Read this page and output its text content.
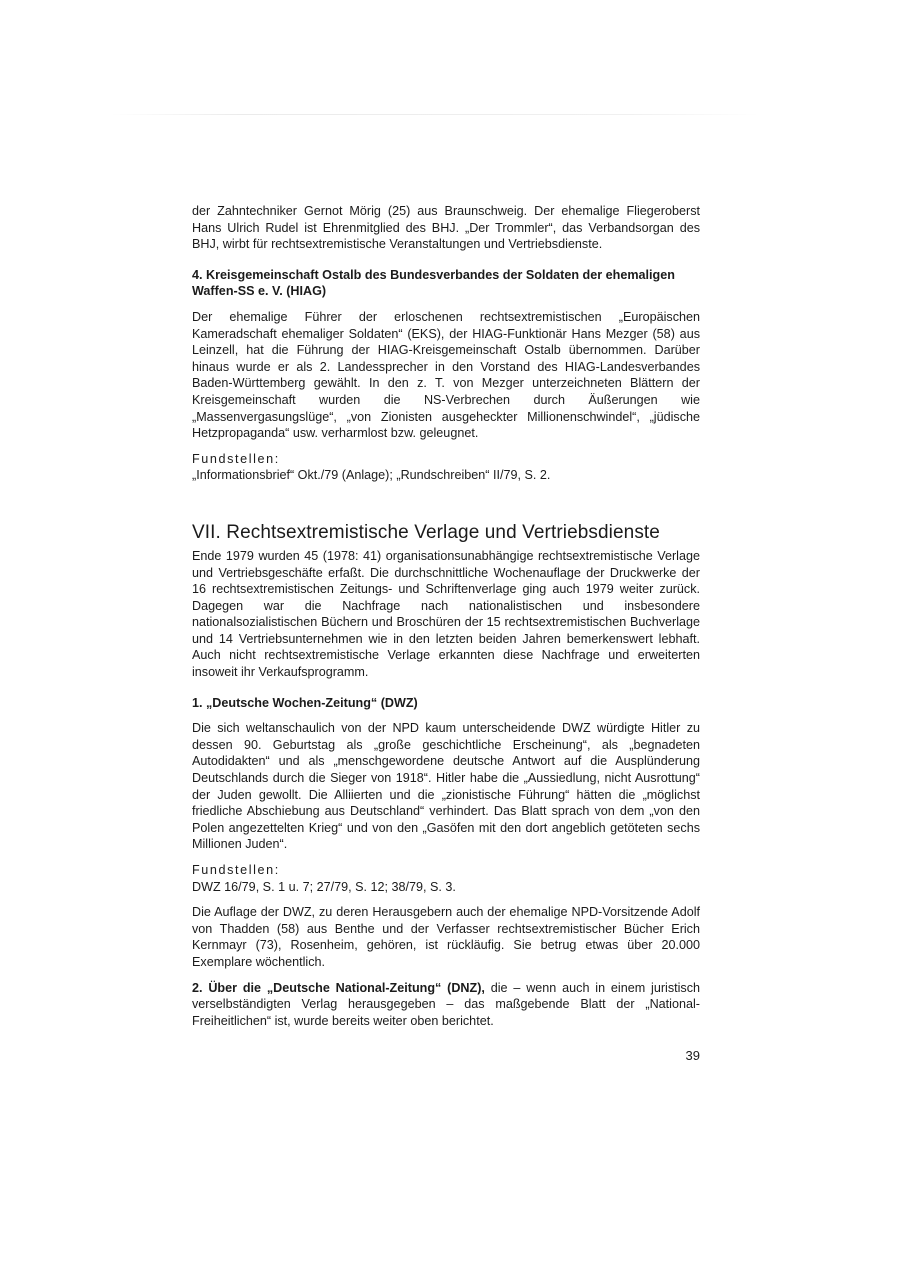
der Zahntechniker Gernot Mörig (25) aus Braunschweig. Der ehemalige Fliegeroberst Hans Ulrich Rudel ist Ehrenmitglied des BHJ. „Der Trommler“, das Verbandsorgan des BHJ, wirbt für rechtsextremistische Veranstaltungen und Vertriebsdienste.

4. Kreisgemeinschaft Ostalb des Bundesverbandes der Soldaten der ehemaligen Waffen-SS e. V. (HIAG)

Der ehemalige Führer der erloschenen rechtsextremistischen „Europäischen Kameradschaft ehemaliger Soldaten“ (EKS), der HIAG-Funktionär Hans Mezger (58) aus Leinzell, hat die Führung der HIAG-Kreisgemeinschaft Ostalb übernommen. Darüber hinaus wurde er als 2. Landessprecher in den Vorstand des HIAG-Landesverbandes Baden-Württemberg gewählt. In den z. T. von Mezger unterzeichneten Blättern der Kreisgemeinschaft wurden die NS-Verbrechen durch Äußerungen wie „Massenvergasungslüge“, „von Zionisten ausgeheckter Millionenschwindel“, „jüdische Hetzpropaganda“ usw. verharmlost bzw. geleugnet.

Fundstellen:

„Informationsbrief“ Okt./79 (Anlage); „Rundschreiben“ II/79, S. 2.

VII. Rechtsextremistische Verlage und Vertriebsdienste

Ende 1979 wurden 45 (1978: 41) organisationsunabhängige rechtsextremistische Verlage und Vertriebsgeschäfte erfaßt. Die durchschnittliche Wochenauflage der Druckwerke der 16 rechtsextremistischen Zeitungs- und Schriftenverlage ging auch 1979 weiter zurück. Dagegen war die Nachfrage nach nationalistischen und insbesondere nationalsozialistischen Büchern und Broschüren der 15 rechtsextremistischen Buchverlage und 14 Vertriebsunternehmen wie in den letzten beiden Jahren bemerkenswert lebhaft. Auch nicht rechtsextremistische Verlage erkannten diese Nachfrage und erweiterten insoweit ihr Verkaufsprogramm.

1. „Deutsche Wochen-Zeitung“ (DWZ)

Die sich weltanschaulich von der NPD kaum unterscheidende DWZ würdigte Hitler zu dessen 90. Geburtstag als „große geschichtliche Erscheinung“, als „begnadeten Autodidakten“ und als „menschgewordene deutsche Antwort auf die Ausplünderung Deutschlands durch die Sieger von 1918“. Hitler habe die „Aussiedlung, nicht Ausrottung“ der Juden gewollt. Die Alliierten und die „zionistische Führung“ hätten die „möglichst friedliche Abschiebung aus Deutschland“ verhindert. Das Blatt sprach von dem „von den Polen angezettelten Krieg“ und von den „Gasöfen mit den dort angeblich getöteten sechs Millionen Juden“.

Fundstellen:

DWZ 16/79, S. 1 u. 7; 27/79, S. 12; 38/79, S. 3.

Die Auflage der DWZ, zu deren Herausgebern auch der ehemalige NPD-Vorsitzende Adolf von Thadden (58) aus Benthe und der Verfasser rechtsextremistischer Bücher Erich Kernmayr (73), Rosenheim, gehören, ist rückläufig. Sie betrug etwas über 20.000 Exemplare wöchentlich.

2. Über die „Deutsche National-Zeitung“ (DNZ), die – wenn auch in einem juristisch verselbständigten Verlag herausgegeben – das maßgebende Blatt der „National-Freiheitlichen“ ist, wurde bereits weiter oben berichtet.

39
